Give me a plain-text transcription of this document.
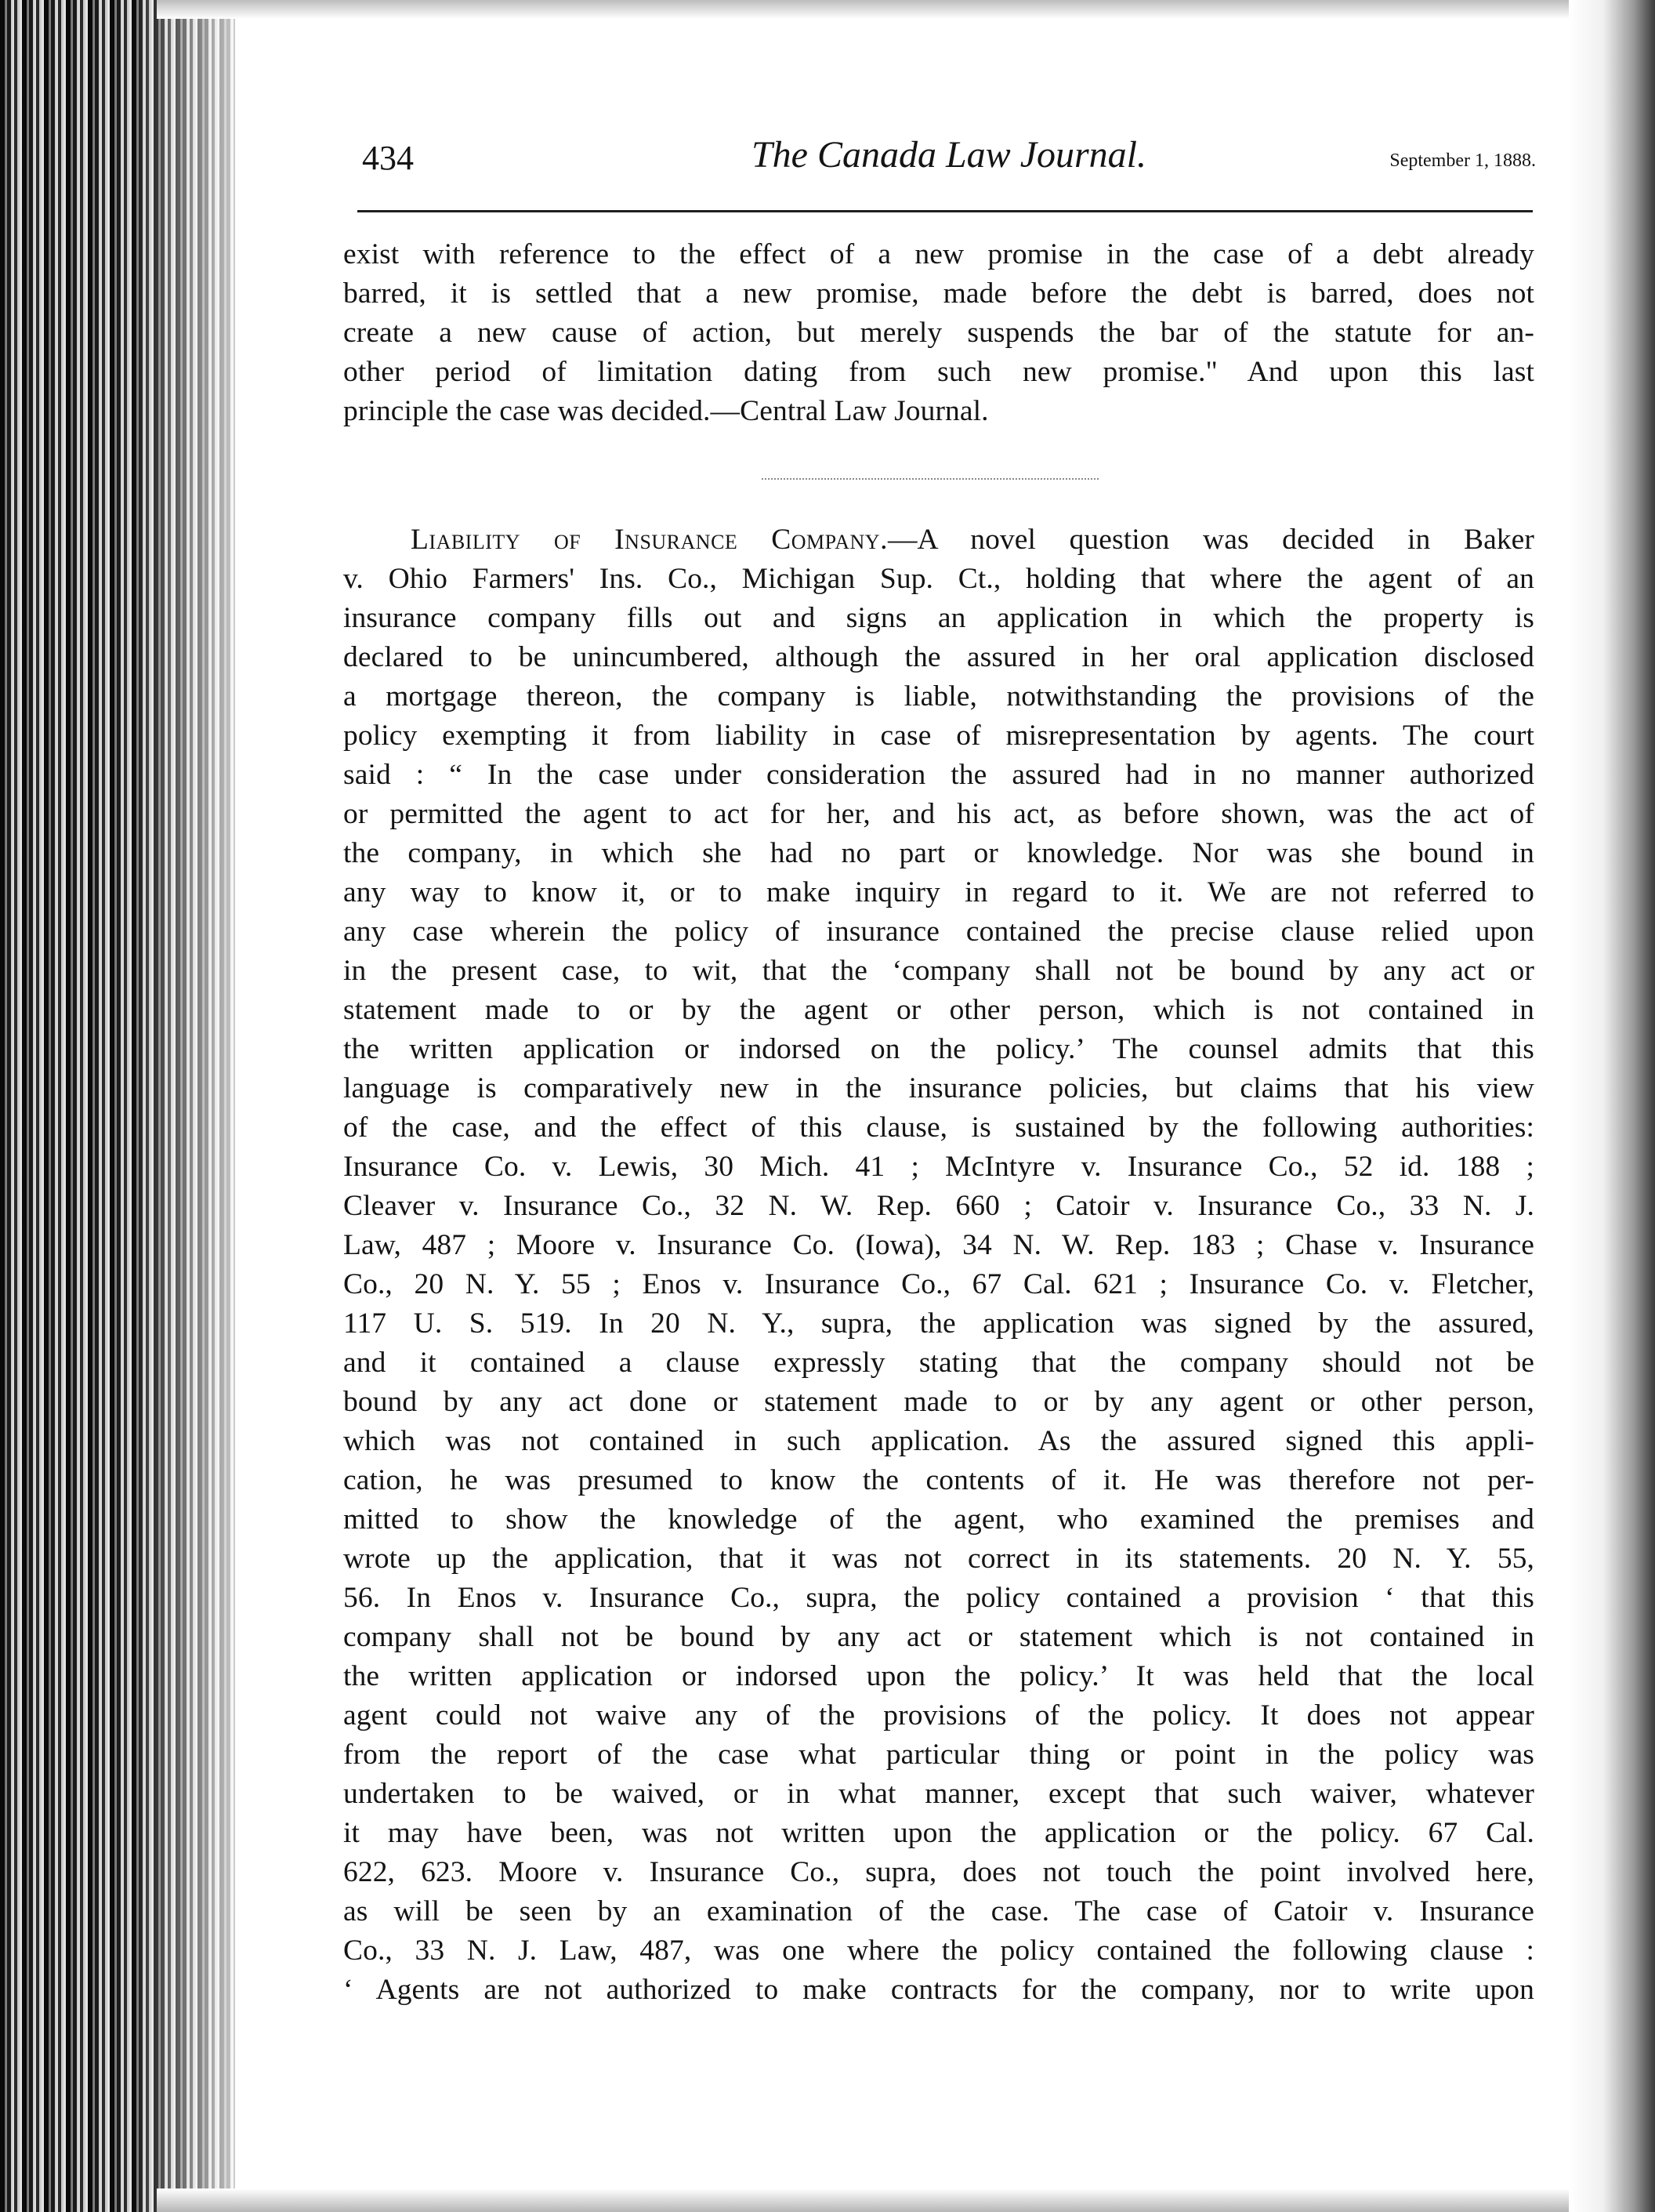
434	The Canada Law Journal.	September 1, 1888.
exist with reference to the effect of a new promise in the case of a debt already
barred, it is settled that a new promise, made before the debt is barred, does not
create a new cause of action, but merely suspends the bar of the statute for an-
other period of limitation dating from such new promise." And upon this last
principle the case was decided.—Central Law Journal.
Liability of Insurance Company.—A novel question was decided in Baker
v. Ohio Farmers' Ins. Co., Michigan Sup. Ct., holding that where the agent of an
insurance company fills out and signs an application in which the property is
declared to be unincumbered, although the assured in her oral application disclosed
a mortgage thereon, the company is liable, notwithstanding the provisions of the
policy exempting it from liability in case of misrepresentation by agents. The court
said : “ In the case under consideration the assured had in no manner authorized
or permitted the agent to act for her, and his act, as before shown, was the act of
the company, in which she had no part or knowledge. Nor was she bound in
any way to know it, or to make inquiry in regard to it. We are not referred to
any case wherein the policy of insurance contained the precise clause relied upon
in the present case, to wit, that the ‘company shall not be bound by any act or
statement made to or by the agent or other person, which is not contained in
the written application or indorsed on the policy.’ The counsel admits that this
language is comparatively new in the insurance policies, but claims that his view
of the case, and the effect of this clause, is sustained by the following authorities:
Insurance Co. v. Lewis, 30 Mich. 41 ; McIntyre v. Insurance Co., 52 id. 188 ;
Cleaver v. Insurance Co., 32 N. W. Rep. 660 ; Catoir v. Insurance Co., 33 N. J.
Law, 487 ; Moore v. Insurance Co. (Iowa), 34 N. W. Rep. 183 ; Chase v. Insurance
Co., 20 N. Y. 55 ; Enos v. Insurance Co., 67 Cal. 621 ; Insurance Co. v. Fletcher,
117 U. S. 519. In 20 N. Y., supra, the application was signed by the assured,
and it contained a clause expressly stating that the company should not be
bound by any act done or statement made to or by any agent or other person,
which was not contained in such application. As the assured signed this appli-
cation, he was presumed to know the contents of it. He was therefore not per-
mitted to show the knowledge of the agent, who examined the premises and
wrote up the application, that it was not correct in its statements. 20 N. Y. 55,
56. In Enos v. Insurance Co., supra, the policy contained a provision ‘ that this
company shall not be bound by any act or statement which is not contained in
the written application or indorsed upon the policy.’ It was held that the local
agent could not waive any of the provisions of the policy. It does not appear
from the report of the case what particular thing or point in the policy was
undertaken to be waived, or in what manner, except that such waiver, whatever
it may have been, was not written upon the application or the policy. 67 Cal.
622, 623. Moore v. Insurance Co., supra, does not touch the point involved here,
as will be seen by an examination of the case. The case of Catoir v. Insurance
Co., 33 N. J. Law, 487, was one where the policy contained the following clause :
‘ Agents are not authorized to make contracts for the company, nor to write upon
